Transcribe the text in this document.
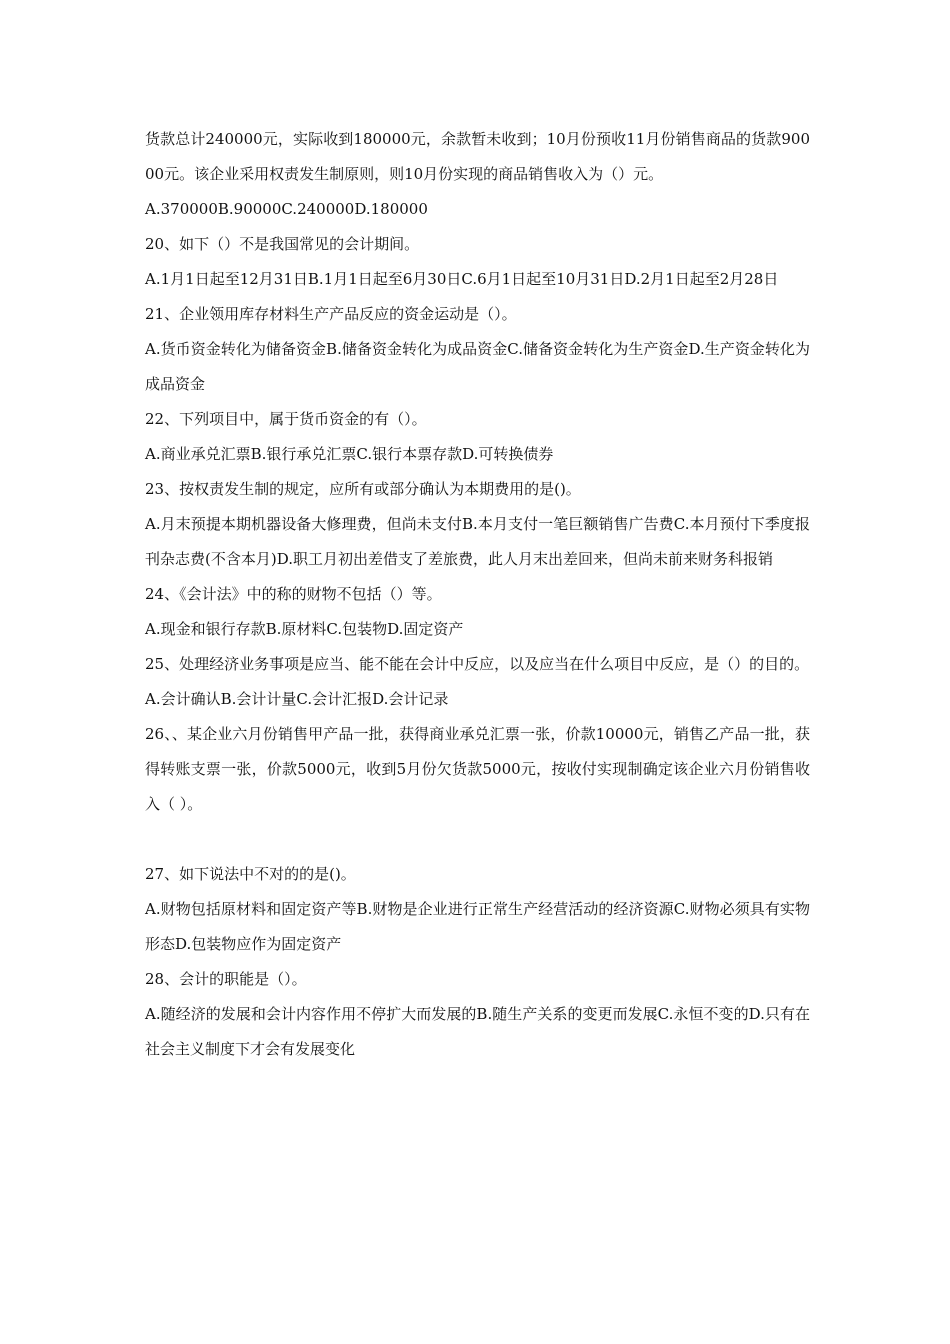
货款总计240000元，实际收到180000元，余款暂未收到；10月份预收11月份销售商品的货款90000元。该企业采用权责发生制原则，则10月份实现的商品销售收入为（）元。

A.370000B.90000C.240000D.180000

20、如下（）不是我国常见的会计期间。

A.1月1日起至12月31日B.1月1日起至6月30日C.6月1日起至10月31日D.2月1日起至2月28日

21、企业领用库存材料生产产品反应的资金运动是（）。

A.货币资金转化为储备资金B.储备资金转化为成品资金C.储备资金转化为生产资金D.生产资金转化为成品资金

22、下列项目中，属于货币资金的有（）。

A.商业承兑汇票B.银行承兑汇票C.银行本票存款D.可转换债券

23、按权责发生制的规定，应所有或部分确认为本期费用的是()。

A.月末预提本期机器设备大修理费，但尚未支付B.本月支付一笔巨额销售广告费C.本月预付下季度报刊杂志费(不含本月)D.职工月初出差借支了差旅费，此人月末出差回来，但尚未前来财务科报销

24、《会计法》中的称的财物不包括（）等。

A.现金和银行存款B.原材料C.包装物D.固定资产

25、处理经济业务事项是应当、能不能在会计中反应，以及应当在什么项目中反应，是（）的目的。

A.会计确认B.会计计量C.会计汇报D.会计记录

26、、某企业六月份销售甲产品一批，获得商业承兑汇票一张，价款10000元，销售乙产品一批，获得转账支票一张，价款5000元，收到5月份欠货款5000元，按收付实现制确定该企业六月份销售收入（ ）。

27、如下说法中不对的的是()。

A.财物包括原材料和固定资产等B.财物是企业进行正常生产经营活动的经济资源C.财物必须具有实物形态D.包装物应作为固定资产

28、会计的职能是（）。

A.随经济的发展和会计内容作用不停扩大而发展的B.随生产关系的变更而发展C.永恒不变的D.只有在社会主义制度下才会有发展变化
